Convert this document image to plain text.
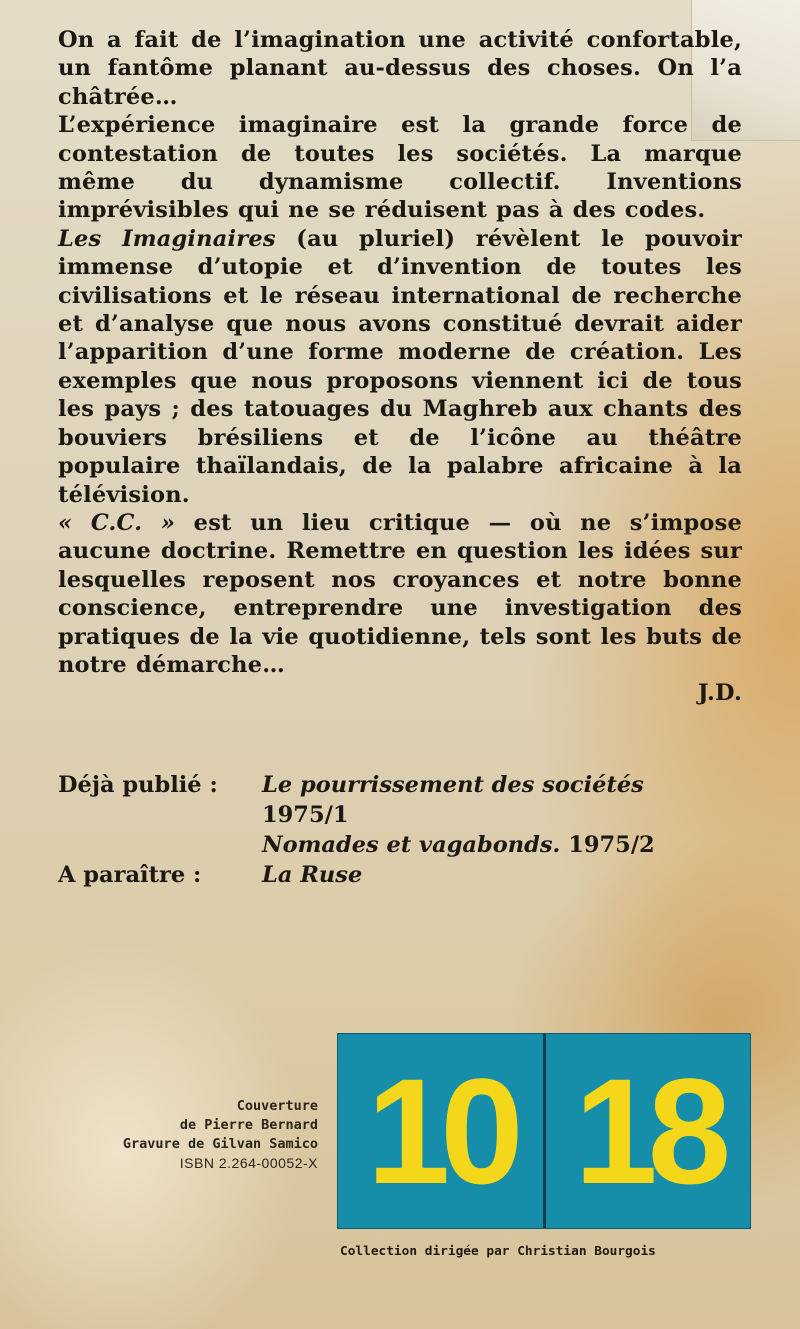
On a fait de l’imagination une activité confortable, un fantôme planant au-dessus des choses. On l’a châtrée…

L’expérience imaginaire est la grande force de contestation de toutes les sociétés. La marque même du dynamisme collectif. Inventions imprévisibles qui ne se réduisent pas à des codes.

Les Imaginaires (au pluriel) révèlent le pouvoir immense d’utopie et d’invention de toutes les civilisations et le réseau international de recherche et d’analyse que nous avons constitué devrait aider l’apparition d’une forme moderne de création. Les exemples que nous proposons viennent ici de tous les pays ; des tatouages du Maghreb aux chants des bouviers brésiliens et de l’icône au théâtre populaire thaïlandais, de la palabre africaine à la télévision.

« C.C. » est un lieu critique — où ne s’impose aucune doctrine. Remettre en question les idées sur lesquelles reposent nos croyances et notre bonne conscience, entreprendre une investigation des pratiques de la vie quotidienne, tels sont les buts de notre démarche…

J.D.

Déjà publié : Le pourrissement des sociétés
1975/1
Nomades et vagabonds. 1975/2
A paraître :	La Ruse
Couverture
de Pierre Bernard
Gravure de Gilvan Samico
ISBN 2.264-00052-X 10 18
Collection dirigée par Christian Bourgois
